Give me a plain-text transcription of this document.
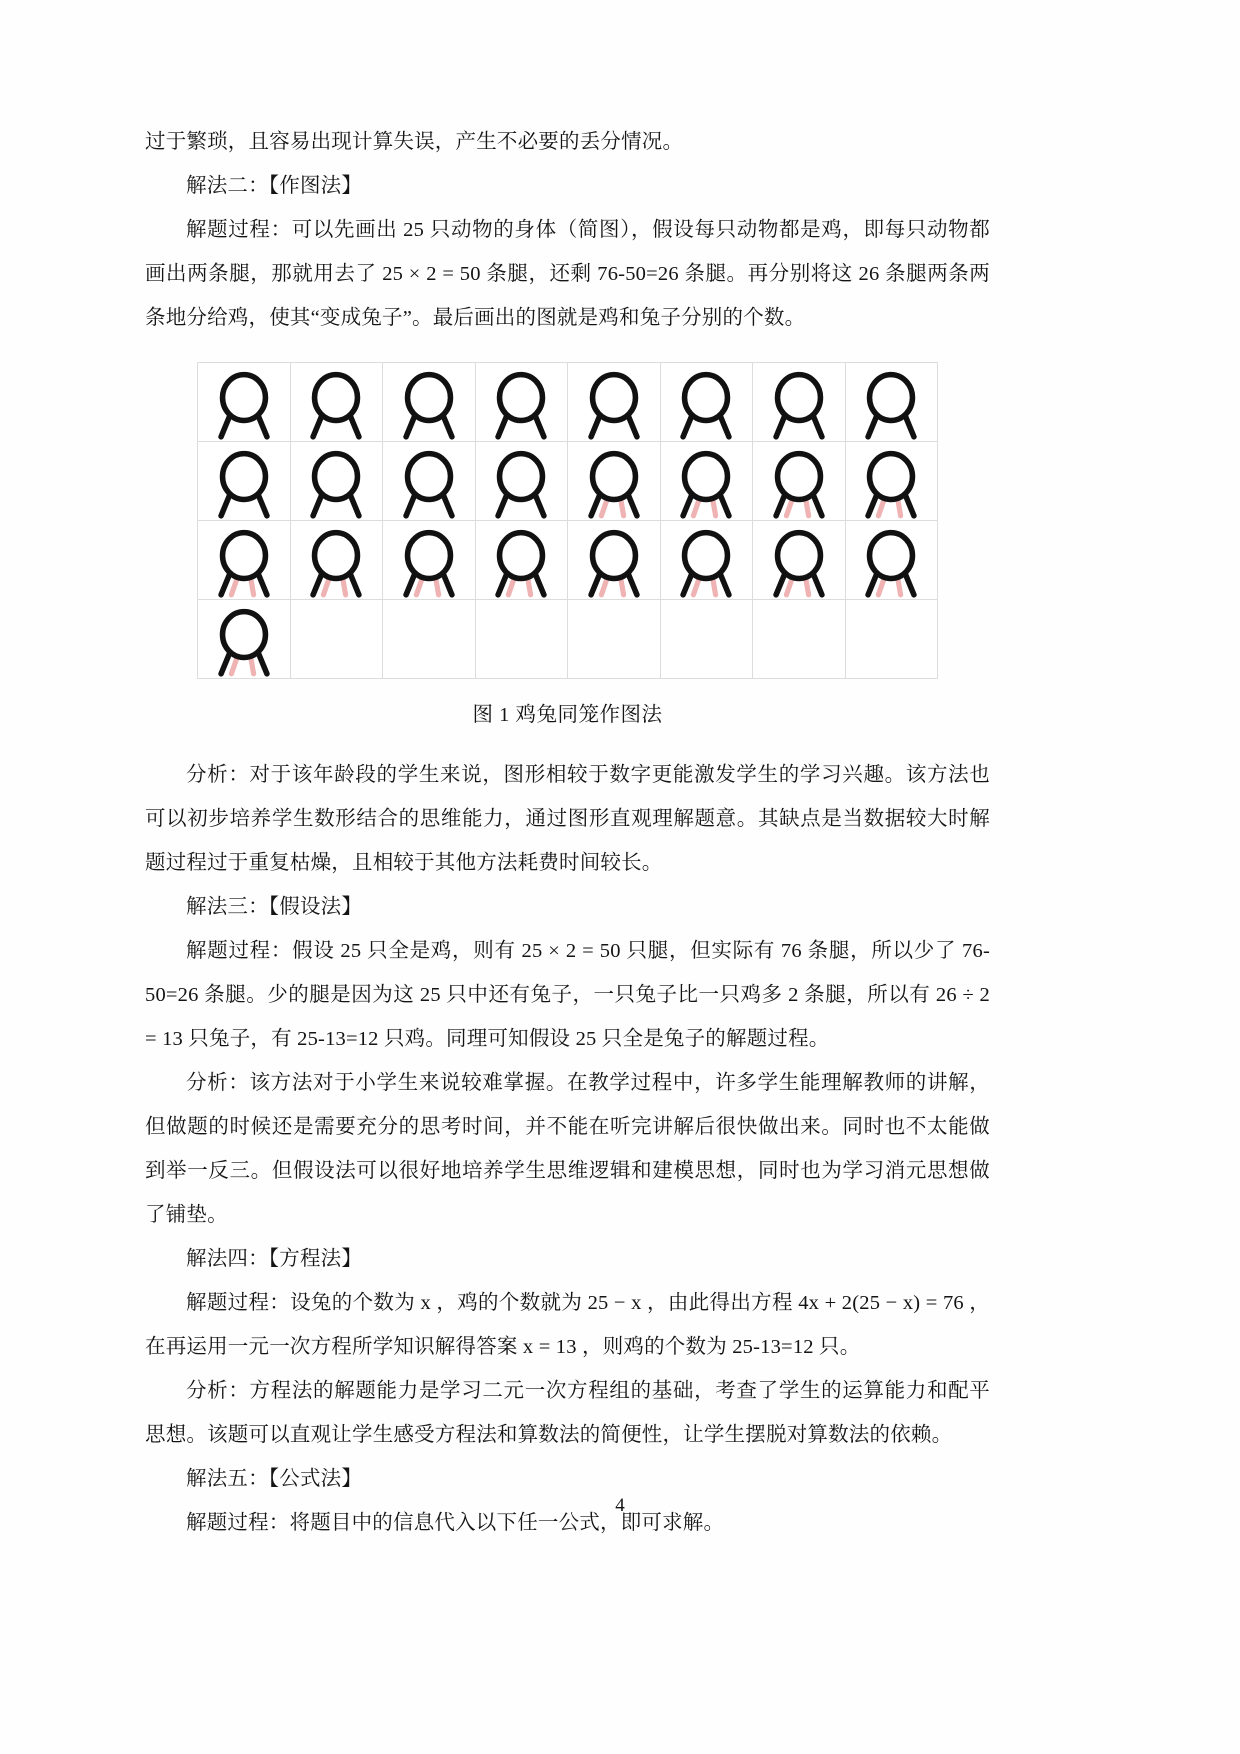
过于繁琐，且容易出现计算失误，产生不必要的丢分情况。

解法二：【作图法】

解题过程：可以先画出 25 只动物的身体（简图），假设每只动物都是鸡，即每只动物都画出两条腿，那就用去了 25 × 2 = 50 条腿，还剩 76-50=26 条腿。再分别将这 26 条腿两条两条地分给鸡，使其“变成兔子”。最后画出的图就是鸡和兔子分别的个数。

图 1 鸡兔同笼作图法

分析：对于该年龄段的学生来说，图形相较于数字更能激发学生的学习兴趣。该方法也可以初步培养学生数形结合的思维能力，通过图形直观理解题意。其缺点是当数据较大时解题过程过于重复枯燥，且相较于其他方法耗费时间较长。

解法三：【假设法】

解题过程：假设 25 只全是鸡，则有 25 × 2 = 50 只腿，但实际有 76 条腿，所以少了 76-50=26 条腿。少的腿是因为这 25 只中还有兔子，一只兔子比一只鸡多 2 条腿，所以有 26 ÷ 2 = 13 只兔子，有 25-13=12 只鸡。同理可知假设 25 只全是兔子的解题过程。

分析：该方法对于小学生来说较难掌握。在教学过程中，许多学生能理解教师的讲解，但做题的时候还是需要充分的思考时间，并不能在听完讲解后很快做出来。同时也不太能做到举一反三。但假设法可以很好地培养学生思维逻辑和建模思想，同时也为学习消元思想做了铺垫。

解法四：【方程法】

解题过程：设兔的个数为 x ，鸡的个数就为 25 − x ，由此得出方程 4x + 2(25 − x) = 76 ，在再运用一元一次方程所学知识解得答案 x = 13 ，则鸡的个数为 25-13=12 只。

分析：方程法的解题能力是学习二元一次方程组的基础，考查了学生的运算能力和配平思想。该题可以直观让学生感受方程法和算数法的简便性，让学生摆脱对算数法的依赖。

解法五：【公式法】

解题过程：将题目中的信息代入以下任一公式，即可求解。

4
